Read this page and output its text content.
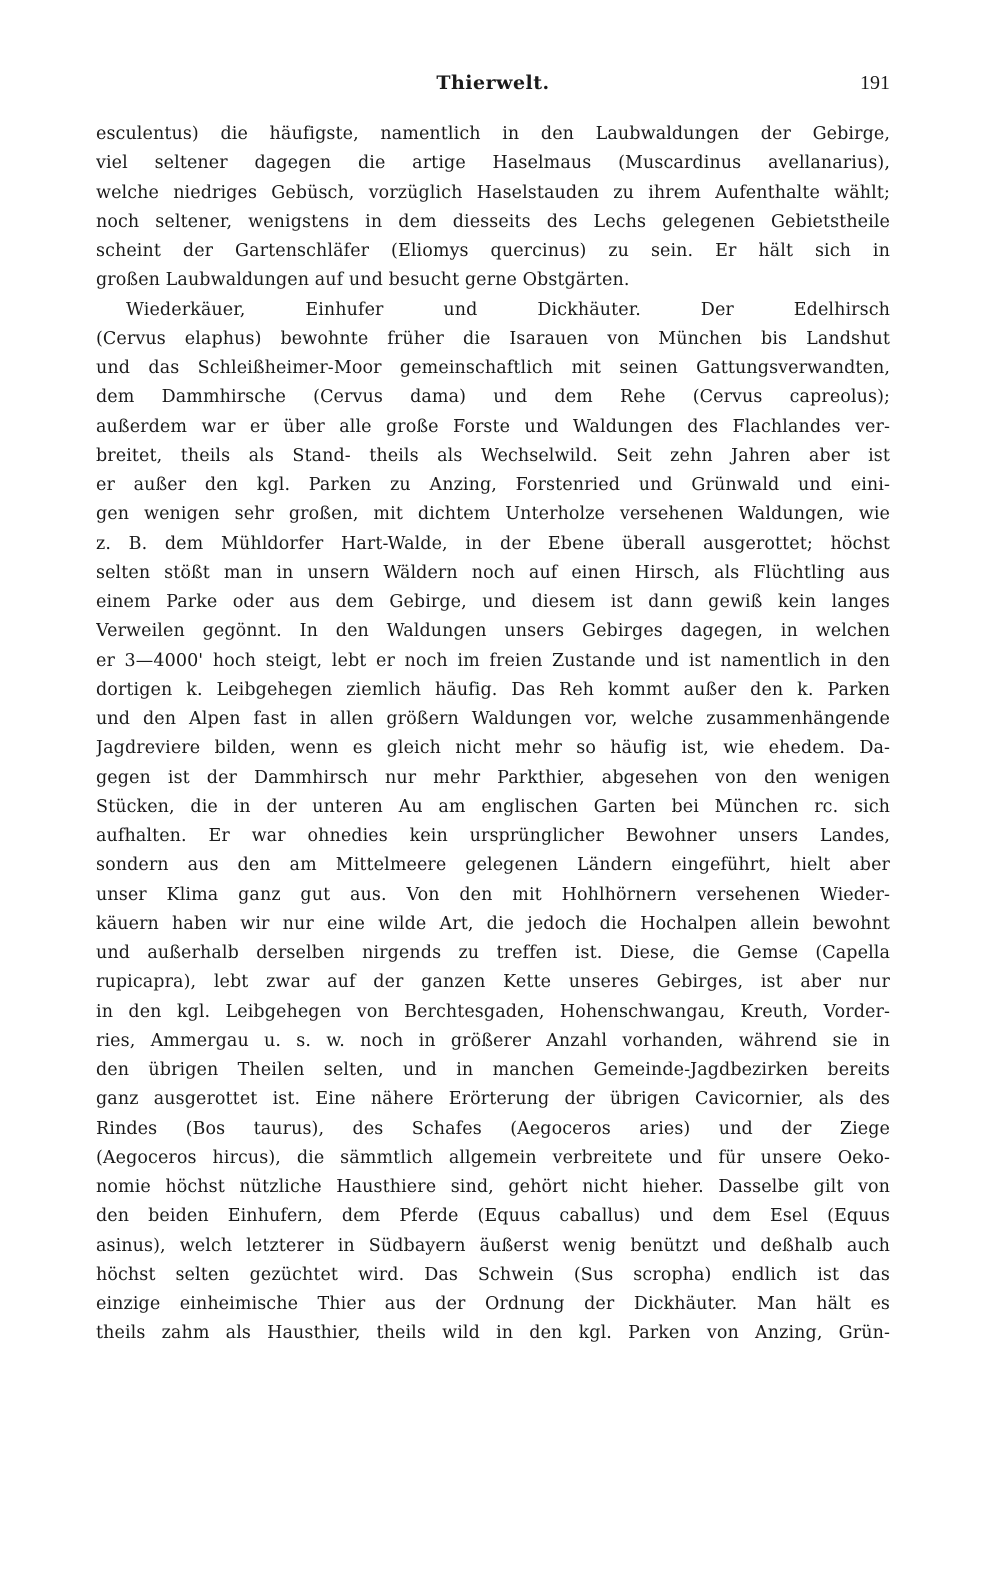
Thierwelt.	191
esculentus) die häufigste, namentlich in den Laubwaldungen der Gebirge,
viel seltener dagegen die artige Haselmaus (Muscardinus avellanarius),
welche niedriges Gebüsch, vorzüglich Haselstauden zu ihrem Aufenthalte wählt;
noch seltener, wenigstens in dem diesseits des Lechs gelegenen Gebietstheile
scheint der Gartenschläfer (Eliomys quercinus) zu sein. Er hält sich in
großen Laubwaldungen auf und besucht gerne Obstgärten.
Wiederkäuer, Einhufer und Dickhäuter. Der Edelhirsch
(Cervus elaphus) bewohnte früher die Isarauen von München bis Landshut
und das Schleißheimer-Moor gemeinschaftlich mit seinen Gattungsverwandten,
dem Dammhirsche (Cervus dama) und dem Rehe (Cervus capreolus);
außerdem war er über alle große Forste und Waldungen des Flachlandes ver-
breitet, theils als Stand- theils als Wechselwild. Seit zehn Jahren aber ist
er außer den kgl. Parken zu Anzing, Forstenried und Grünwald und eini-
gen wenigen sehr großen, mit dichtem Unterholze versehenen Waldungen, wie
z. B. dem Mühldorfer Hart-Walde, in der Ebene überall ausgerottet; höchst
selten stößt man in unsern Wäldern noch auf einen Hirsch, als Flüchtling aus
einem Parke oder aus dem Gebirge, und diesem ist dann gewiß kein langes
Verweilen gegönnt. In den Waldungen unsers Gebirges dagegen, in welchen
er 3—4000' hoch steigt, lebt er noch im freien Zustande und ist namentlich in den
dortigen k. Leibgehegen ziemlich häufig. Das Reh kommt außer den k. Parken
und den Alpen fast in allen größern Waldungen vor, welche zusammenhängende
Jagdreviere bilden, wenn es gleich nicht mehr so häufig ist, wie ehedem. Da-
gegen ist der Dammhirsch nur mehr Parkthier, abgesehen von den wenigen
Stücken, die in der unteren Au am englischen Garten bei München rc. sich
aufhalten. Er war ohnedies kein ursprünglicher Bewohner unsers Landes,
sondern aus den am Mittelmeere gelegenen Ländern eingeführt, hielt aber
unser Klima ganz gut aus. Von den mit Hohlhörnern versehenen Wieder-
käuern haben wir nur eine wilde Art, die jedoch die Hochalpen allein bewohnt
und außerhalb derselben nirgends zu treffen ist. Diese, die Gemse (Capella
rupicapra), lebt zwar auf der ganzen Kette unseres Gebirges, ist aber nur
in den kgl. Leibgehegen von Berchtesgaden, Hohenschwangau, Kreuth, Vorder-
ries, Ammergau u. s. w. noch in größerer Anzahl vorhanden, während sie in
den übrigen Theilen selten, und in manchen Gemeinde-Jagdbezirken bereits
ganz ausgerottet ist. Eine nähere Erörterung der übrigen Cavicornier, als des
Rindes (Bos taurus), des Schafes (Aegoceros aries) und der Ziege
(Aegoceros hircus), die sämmtlich allgemein verbreitete und für unsere Oeko-
nomie höchst nützliche Hausthiere sind, gehört nicht hieher. Dasselbe gilt von
den beiden Einhufern, dem Pferde (Equus caballus) und dem Esel (Equus
asinus), welch letzterer in Südbayern äußerst wenig benützt und deßhalb auch
höchst selten gezüchtet wird. Das Schwein (Sus scropha) endlich ist das
einzige einheimische Thier aus der Ordnung der Dickhäuter. Man hält es
theils zahm als Hausthier, theils wild in den kgl. Parken von Anzing, Grün-
